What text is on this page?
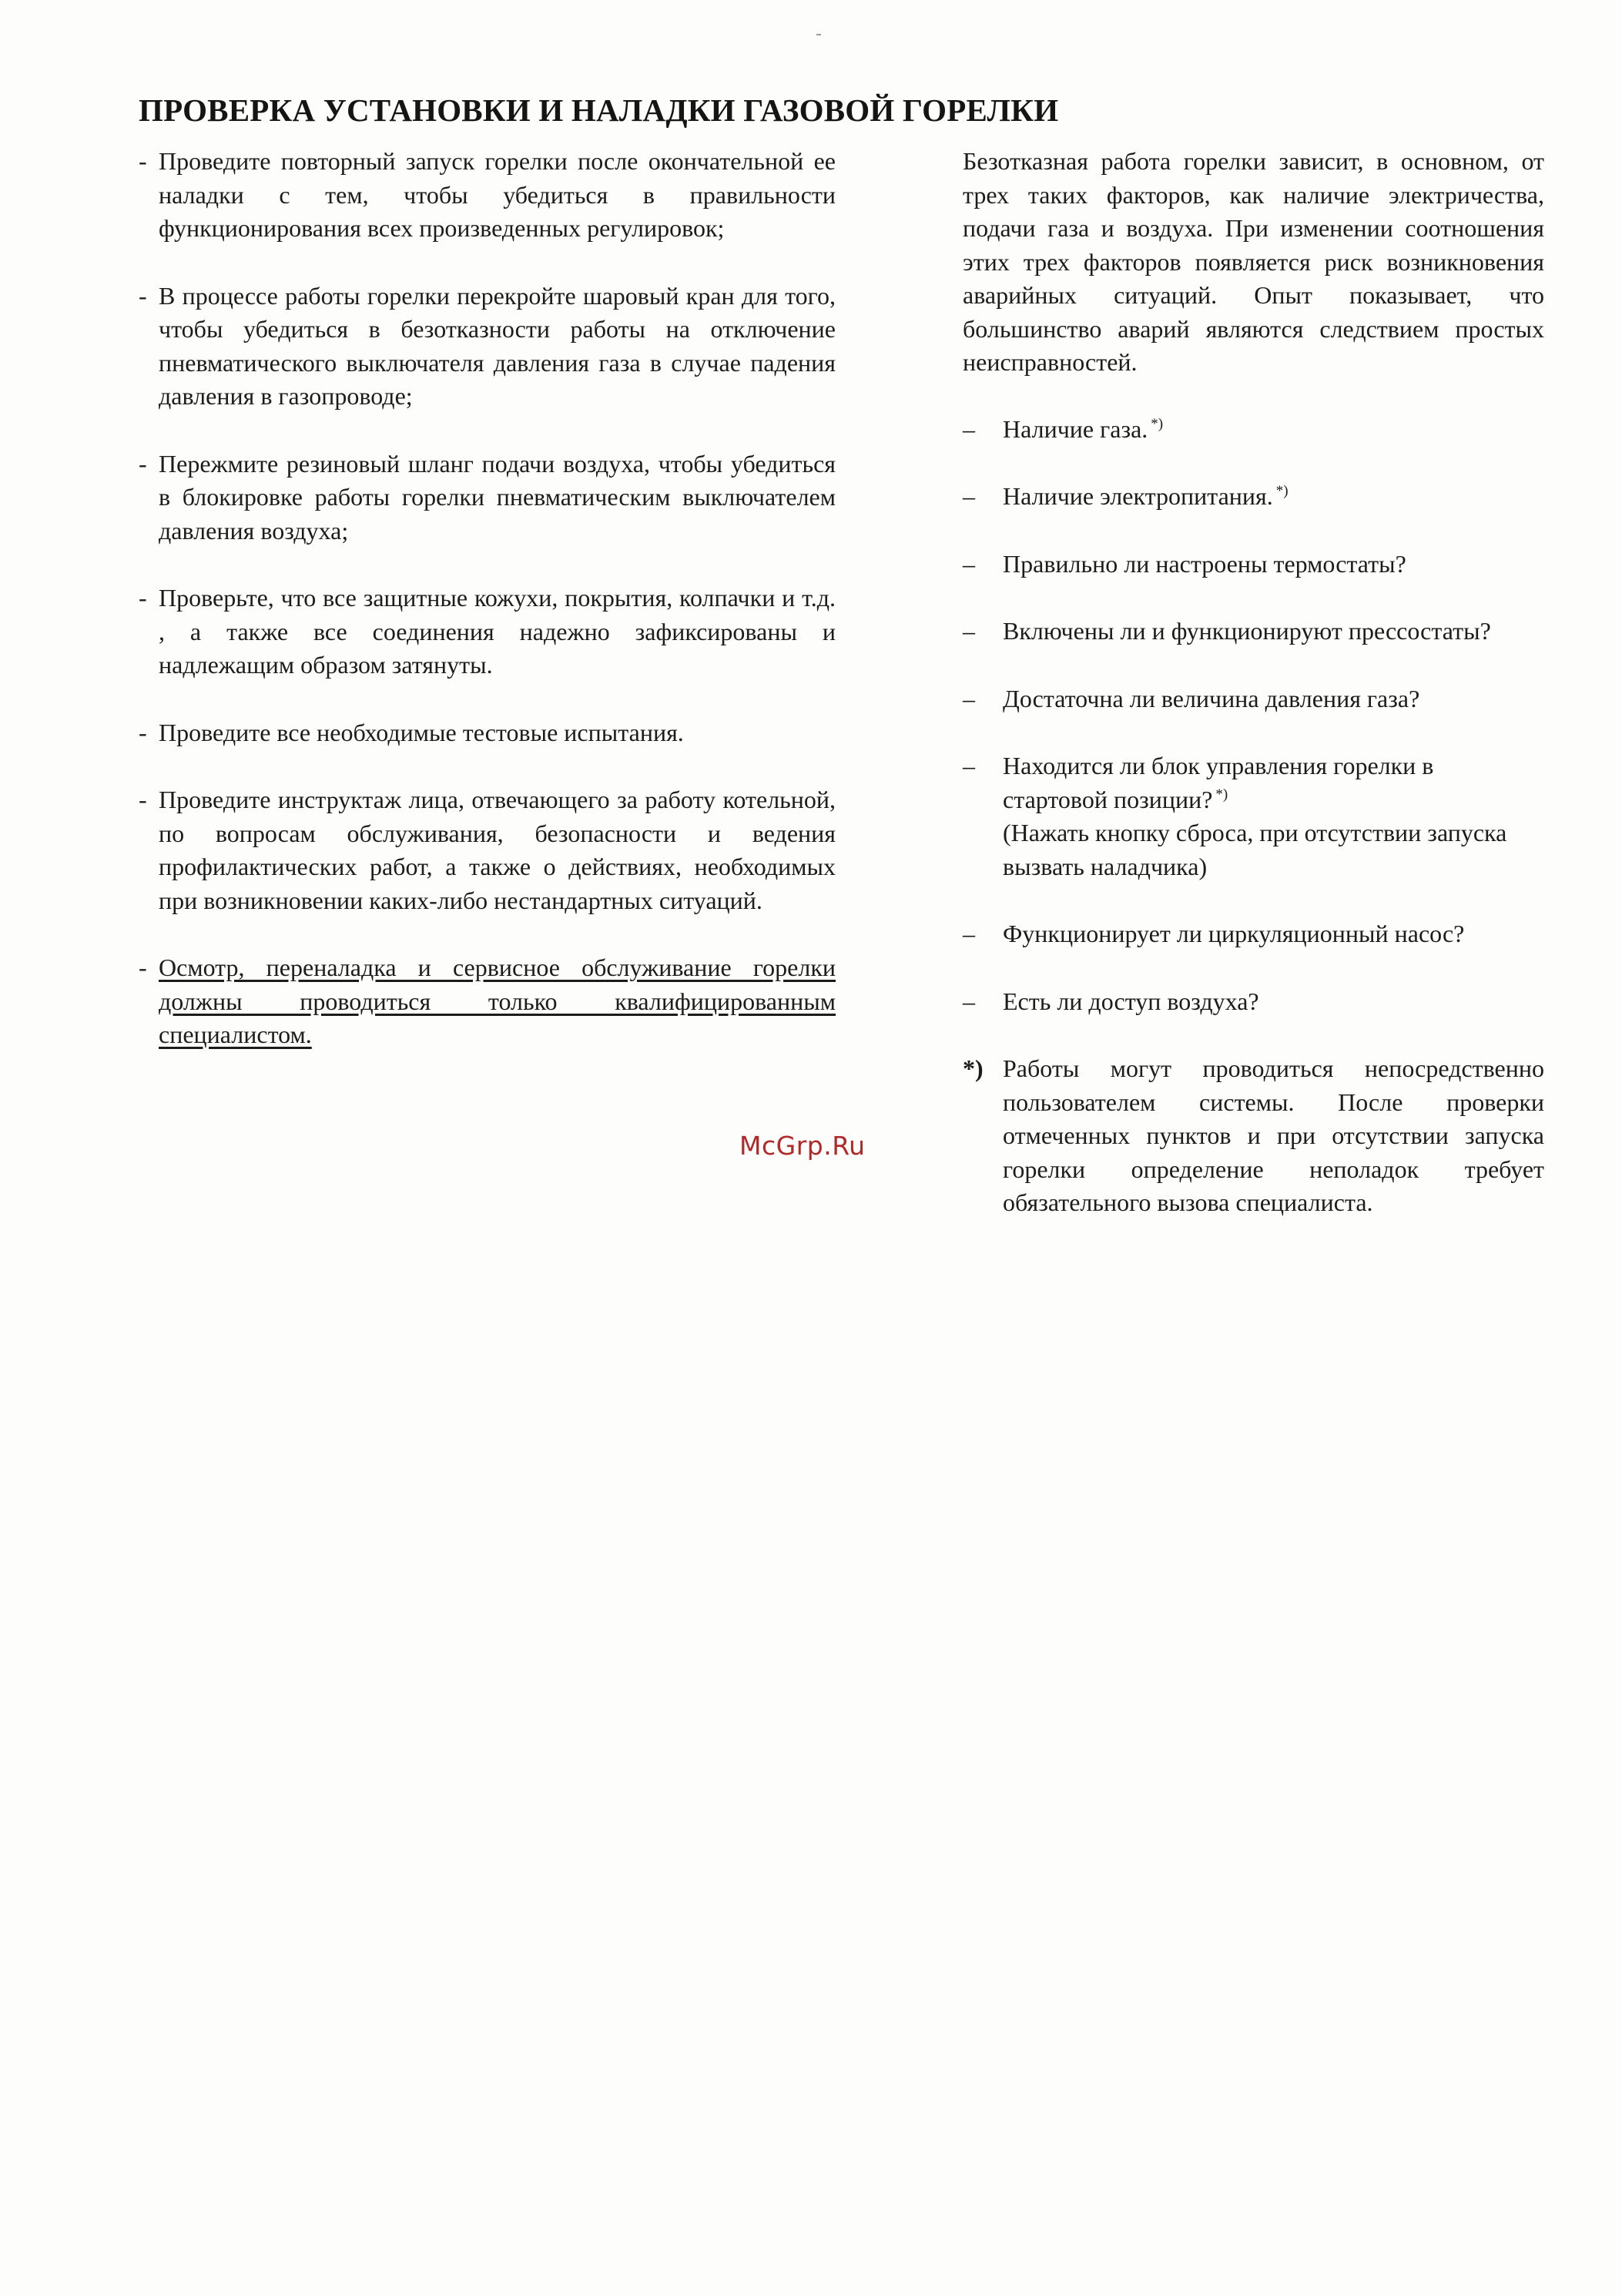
ПРОВЕРКА УСТАНОВКИ И НАЛАДКИ ГАЗОВОЙ ГОРЕЛКИ
- Проведите повторный запуск горелки после окончательной ее наладки с тем, чтобы убедиться в правильности функционирования всех произведенных регулировок;
- В процессе работы горелки перекройте шаровый кран для того, чтобы убедиться в безотказности работы на отключение пневматического выключателя давления газа в случае падения давления в газопроводе;
- Пережмите резиновый шланг подачи воздуха, чтобы убедиться в блокировке работы горелки пневматическим выключателем давления воздуха;
- Проверьте, что все защитные кожухи, покрытия, колпачки и т.д. , а также все соединения надежно зафиксированы и надлежащим образом затянуты.
- Проведите все необходимые тестовые испытания.
- Проведите инструктаж лица, отвечающего за работу котельной, по вопросам обслуживания, безопасности и ведения профилактических работ, а также о действиях, необходимых при возникновении каких-либо нестандартных ситуаций.
- Осмотр, переналадка и сервисное обслуживание горелки должны проводиться только квалифицированным специалистом.
Безотказная работа горелки зависит, в основном, от трех таких факторов, как наличие электричества, подачи газа и воздуха. При изменении соотношения этих трех факторов появляется риск возникновения аварийных ситуаций. Опыт показывает, что большинство аварий являются следствием простых неисправностей.
– Наличие газа. *)
– Наличие электропитания. *)
– Правильно ли настроены термостаты?
– Включены ли и функционируют прессостаты?
– Достаточна ли величина давления газа?
– Находится ли блок управления горелки в стартовой позиции? *)
(Нажать кнопку сброса, при отсутствии запуска вызвать наладчика)
– Функционирует ли циркуляционный насос?
– Есть ли доступ воздуха?
*) Работы могут проводиться непосредственно пользователем системы. После проверки отмеченных пунктов и при отсутствии запуска горелки определение неполадок требует обязательного вызова специалиста.
McGrp.Ru
